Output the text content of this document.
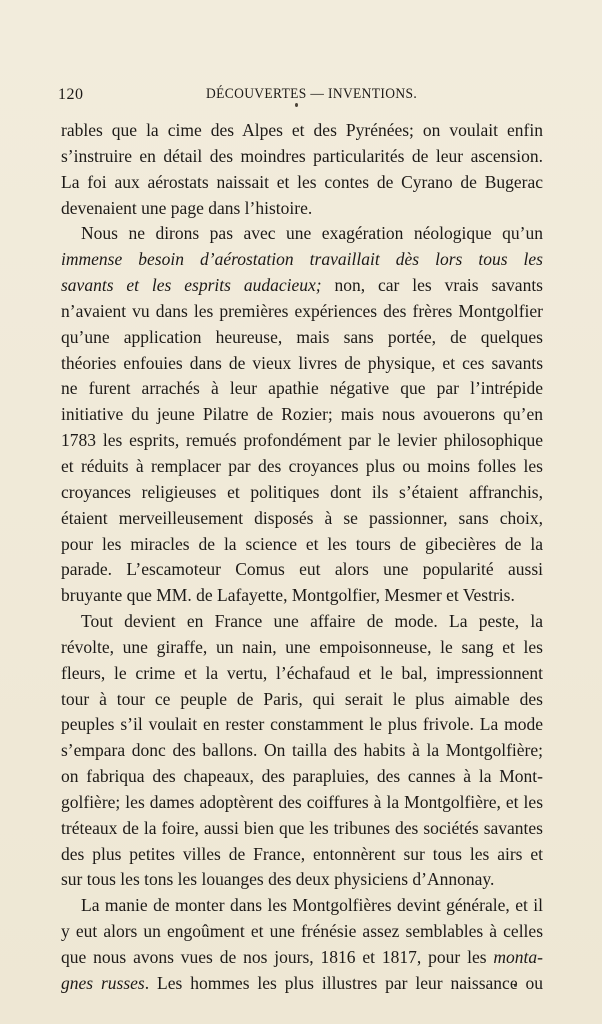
120	DÉCOUVERTES — INVENTIONS.
rables que la cime des Alpes et des Pyrénées; on voulait enfin
s’instruire en détail des moindres particularités de leur ascension.
La foi aux aérostats naissait et les contes de Cyrano de Bugerac
devenaient une page dans l’histoire.
Nous ne dirons pas avec une exagération néologique qu’un
immense besoin d’aérostation travaillait dès lors tous les
savants et les esprits audacieux; non, car les vrais savants
n’avaient vu dans les premières expériences des frères Montgolfier
qu’une application heureuse, mais sans portée, de quelques
théories enfouies dans de vieux livres de physique, et ces savants
ne furent arrachés à leur apathie négative que par l’intrépide
initiative du jeune Pilatre de Rozier; mais nous avouerons qu’en
1783 les esprits, remués profondément par le levier philosophique
et réduits à remplacer par des croyances plus ou moins folles les
croyances religieuses et politiques dont ils s’étaient affranchis,
étaient merveilleusement disposés à se passionner, sans choix,
pour les miracles de la science et les tours de gibecières de la
parade. L’escamoteur Comus eut alors une popularité aussi
bruyante que MM. de Lafayette, Montgolfier, Mesmer et Vestris.
Tout devient en France une affaire de mode. La peste, la
révolte, une giraffe, un nain, une empoisonneuse, le sang et les
fleurs, le crime et la vertu, l’échafaud et le bal, impressionnent
tour à tour ce peuple de Paris, qui serait le plus aimable des
peuples s’il voulait en rester constamment le plus frivole. La mode
s’empara donc des ballons. On tailla des habits à la Montgolfière;
on fabriqua des chapeaux, des parapluies, des cannes à la Mont-
golfière; les dames adoptèrent des coiffures à la Montgolfière, et les
tréteaux de la foire, aussi bien que les tribunes des sociétés savantes
des plus petites villes de France, entonnèrent sur tous les airs et
sur tous les tons les louanges des deux physiciens d’Annonay.
La manie de monter dans les Montgolfières devint générale, et il
y eut alors un engoûment et une frénésie assez semblables à celles
que nous avons vues de nos jours, 1816 et 1817, pour les monta-
gnes russes. Les hommes les plus illustres par leur naissance ou
